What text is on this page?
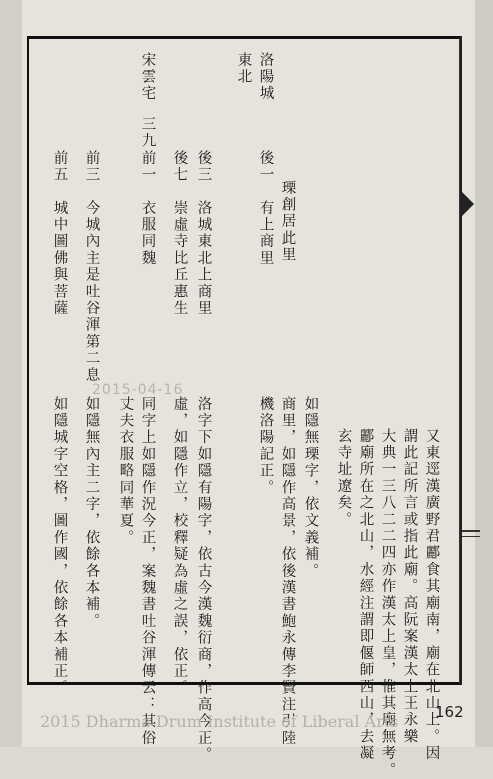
又東逕漢廣野君酈食其廟南，廟在北山上。因
謂此記所言或指此廟。高阮案漢太上王永樂
大典一三八二二四亦作漢太上皇，惟其廟無考。
酈廟所在之北山，水經注謂即偃師西山，去凝
玄寺址遼矣。
如隱無瑮字，依文義補。
商里，如隱作高景，依後漢書鮑永傳李賢注引陸
機洛陽記正。
洛字下如隱有陽字，依古今漢魏衍商，作高今正。
虛，如隱作立，校釋疑為虛之誤，依正。
同字上如隱作況今正，案魏書吐谷渾傳云：其俗
丈夫衣服略同華夏。
如隱無內主二字，依餘各本補。
如隱城字空格，圖作國，依餘各本補正。
瑮創居此里
有上商里
洛城東北上商里
崇虛寺比丘惠生
衣服同魏
今城內主是吐谷渾第二息
城中圖佛與菩薩
後一
後三
後七
前一
前三
前五
洛陽城
東北
宋雲宅
三九
2015-04-16
2015 Dharma Drum Institute of Liberal Arts 162
